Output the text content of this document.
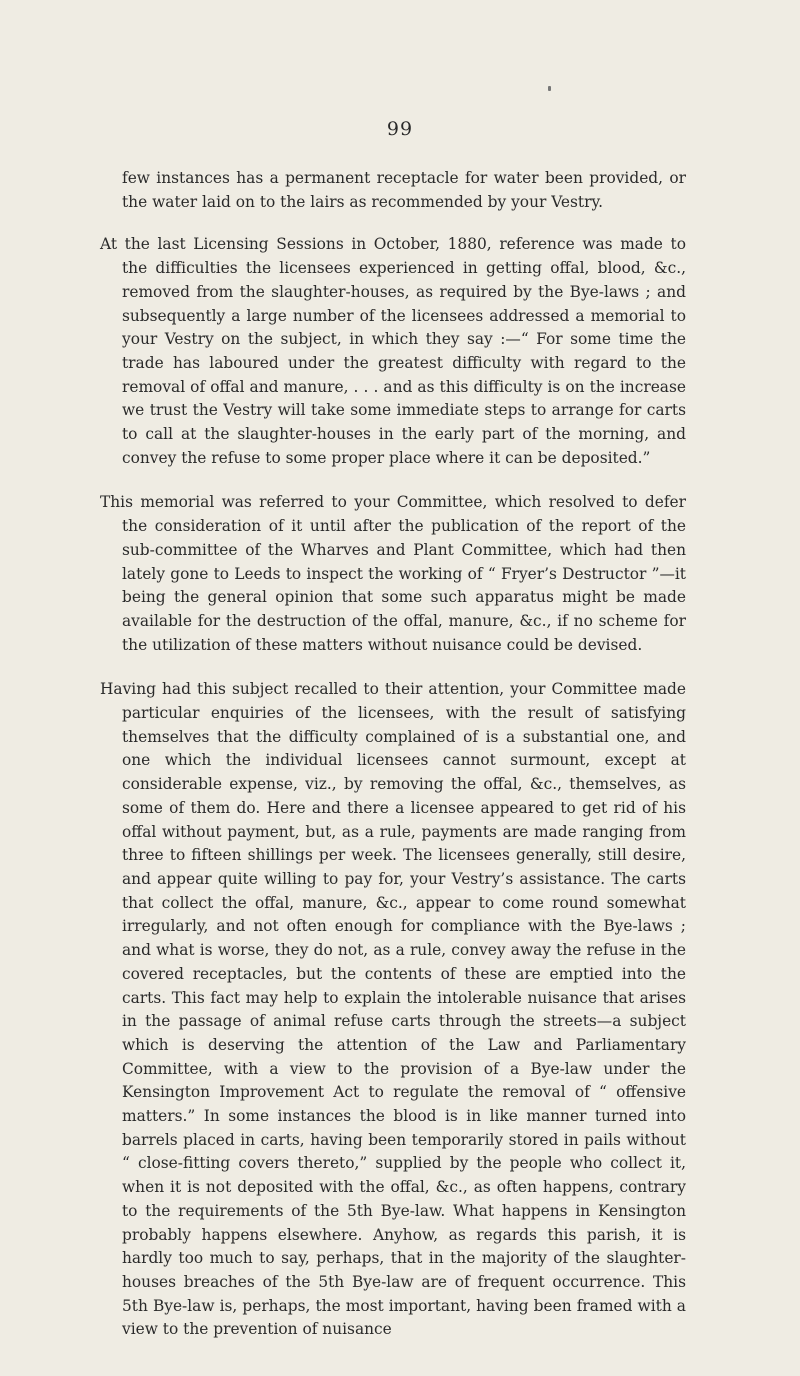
99

few instances has a permanent receptacle for water been provided, or the water laid on to the lairs as recommended by your Vestry.

At the last Licensing Sessions in October, 1880, reference was made to the difficulties the licensees experienced in getting offal, blood, &c., removed from the slaughter-houses, as required by the Bye-laws ; and subsequently a large number of the licensees addressed a memorial to your Vestry on the subject, in which they say :—“ For some time the trade has laboured under the greatest difficulty with regard to the removal of offal and manure, . . . and as this difficulty is on the increase we trust the Vestry will take some immediate steps to arrange for carts to call at the slaughter-houses in the early part of the morning, and convey the refuse to some proper place where it can be deposited.”

This memorial was referred to your Committee, which resolved to defer the consideration of it until after the publication of the report of the sub-committee of the Wharves and Plant Committee, which had then lately gone to Leeds to inspect the working of “ Fryer’s Destructor ”—it being the general opinion that some such apparatus might be made available for the destruction of the offal, manure, &c., if no scheme for the utilization of these matters without nuisance could be devised.

Having had this subject recalled to their attention, your Committee made particular enquiries of the licensees, with the result of satisfying themselves that the difficulty complained of is a substantial one, and one which the individual licensees cannot surmount, except at considerable expense, viz., by removing the offal, &c., themselves, as some of them do. Here and there a licensee appeared to get rid of his offal without payment, but, as a rule, payments are made ranging from three to fifteen shillings per week. The licensees generally, still desire, and appear quite willing to pay for, your Vestry’s assistance. The carts that collect the offal, manure, &c., appear to come round somewhat irregularly, and not often enough for compliance with the Bye-laws ; and what is worse, they do not, as a rule, convey away the refuse in the covered receptacles, but the contents of these are emptied into the carts. This fact may help to explain the intolerable nuisance that arises in the passage of animal refuse carts through the streets—a subject which is deserving the attention of the Law and Parliamentary Committee, with a view to the provision of a Bye-law under the Kensington Improvement Act to regulate the removal of “ offensive matters.” In some instances the blood is in like manner turned into barrels placed in carts, having been temporarily stored in pails without “ close-fitting covers thereto,” supplied by the people who collect it, when it is not deposited with the offal, &c., as often happens, contrary to the requirements of the 5th Bye-law. What happens in Kensington probably happens elsewhere. Anyhow, as regards this parish, it is hardly too much to say, perhaps, that in the majority of the slaughter-houses breaches of the 5th Bye-law are of frequent occurrence. This 5th Bye-law is, perhaps, the most important, having been framed with a view to the prevention of nuisance
